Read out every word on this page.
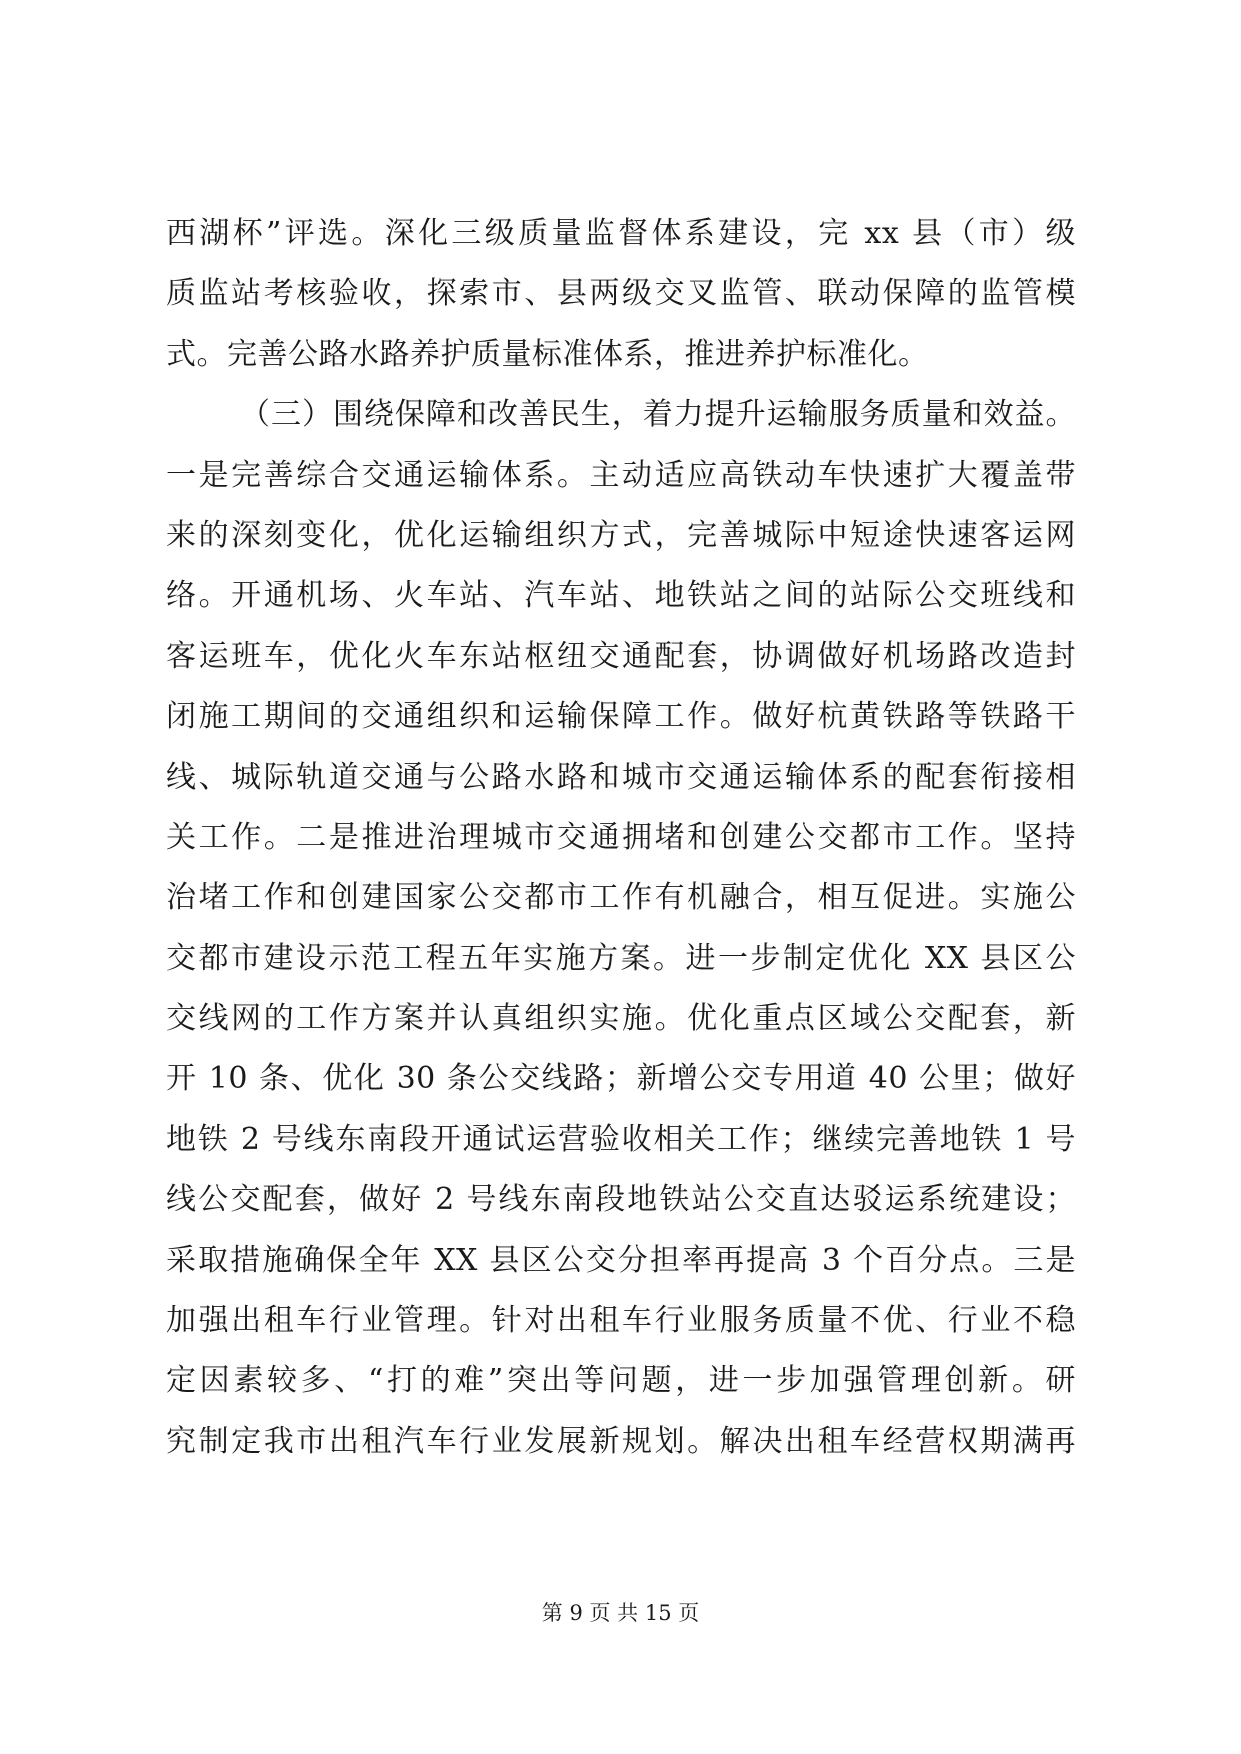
西湖杯”评选。深化三级质量监督体系建设，完 xx 县（市）级
质监站考核验收，探索市、县两级交叉监管、联动保障的监管模
式。完善公路水路养护质量标准体系，推进养护标准化。
（三）围绕保障和改善民生，着力提升运输服务质量和效益。
一是完善综合交通运输体系。主动适应高铁动车快速扩大覆盖带
来的深刻变化，优化运输组织方式，完善城际中短途快速客运网
络。开通机场、火车站、汽车站、地铁站之间的站际公交班线和
客运班车，优化火车东站枢纽交通配套，协调做好机场路改造封
闭施工期间的交通组织和运输保障工作。做好杭黄铁路等铁路干
线、城际轨道交通与公路水路和城市交通运输体系的配套衔接相
关工作。二是推进治理城市交通拥堵和创建公交都市工作。坚持
治堵工作和创建国家公交都市工作有机融合，相互促进。实施公
交都市建设示范工程五年实施方案。进一步制定优化 XX 县区公
交线网的工作方案并认真组织实施。优化重点区域公交配套，新
开 10 条、优化 30 条公交线路；新增公交专用道 40 公里；做好
地铁 2 号线东南段开通试运营验收相关工作；继续完善地铁 1 号
线公交配套，做好 2 号线东南段地铁站公交直达驳运系统建设；
采取措施确保全年 XX 县区公交分担率再提高 3 个百分点。三是
加强出租车行业管理。针对出租车行业服务质量不优、行业不稳
定因素较多、“打的难”突出等问题，进一步加强管理创新。研
究制定我市出租汽车行业发展新规划。解决出租车经营权期满再
第 9 页 共 15 页
